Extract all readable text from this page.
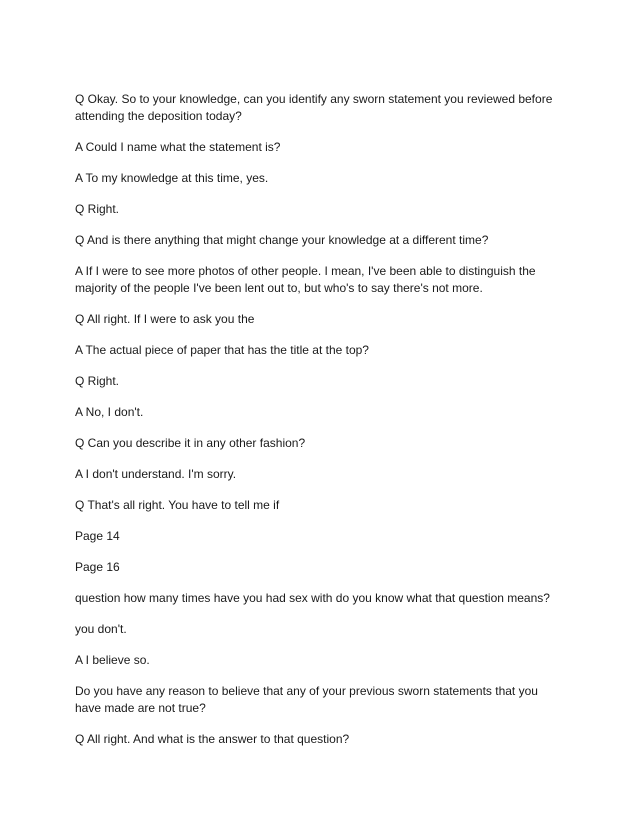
Q Okay. So to your knowledge, can you identify any sworn statement you reviewed before attending the deposition today?

A Could I name what the statement is?

A To my knowledge at this time, yes.

Q Right.

Q And is there anything that might change your knowledge at a different time?

A If I were to see more photos of other people. I mean, I've been able to distinguish the majority of the people I've been lent out to, but who's to say there's not more.

Q All right. If I were to ask you the

A The actual piece of paper that has the title at the top?

Q Right.

A No, I don't.

Q Can you describe it in any other fashion?

A I don't understand. I'm sorry.

Q That's all right. You have to tell me if

Page 14

Page 16

question how many times have you had sex with do you know what that question means?

you don't.

A I believe so.

Do you have any reason to believe that any of your previous sworn statements that you have made are not true?

Q All right. And what is the answer to that question?
